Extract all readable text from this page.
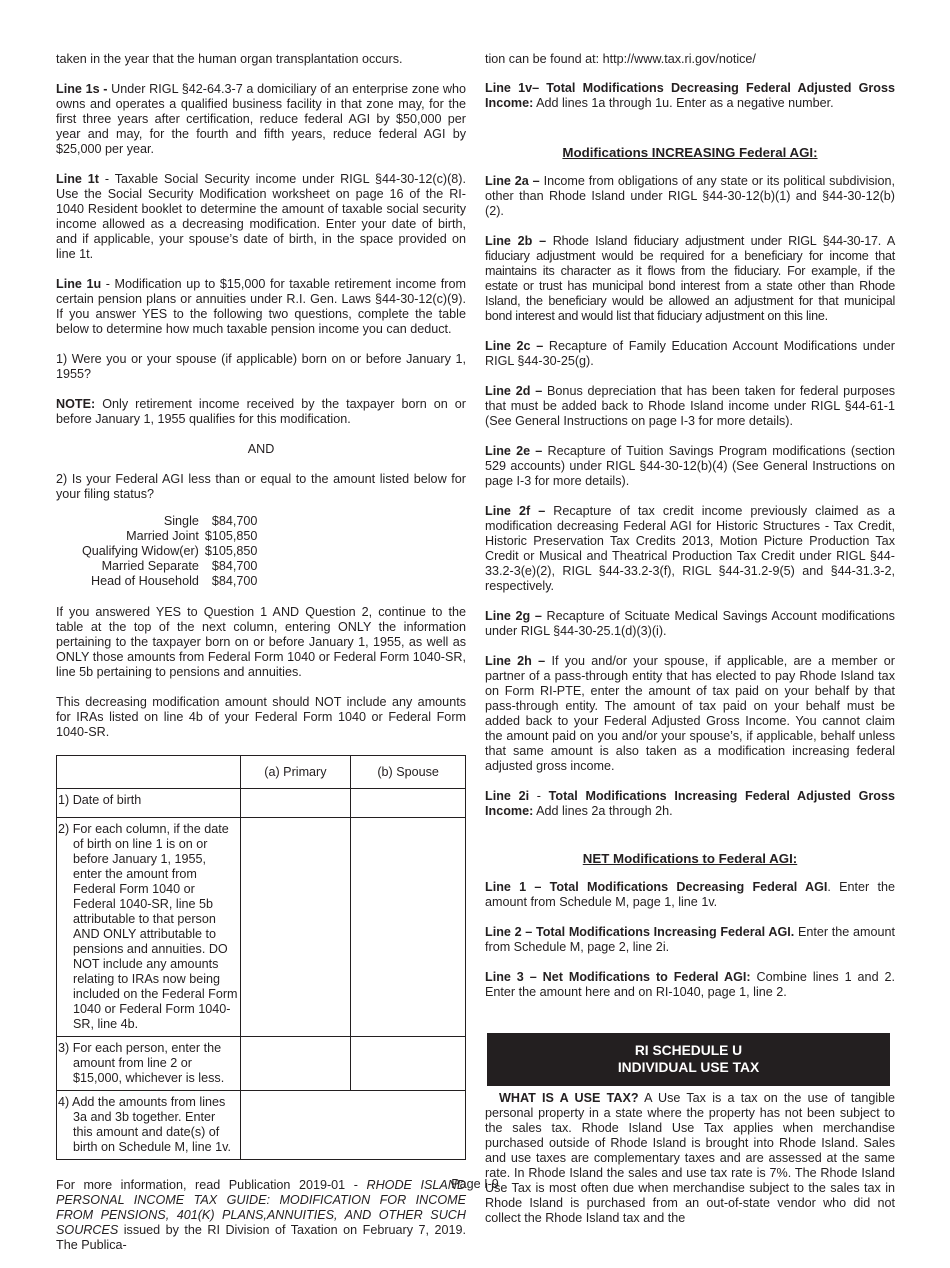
taken in the year that the human organ transplantation occurs.

Line 1s - Under RIGL §42-64.3-7 a domiciliary of an enterprise zone who owns and operates a qualified business facility in that zone may, for the first three years after certification, reduce federal AGI by $50,000 per year and may, for the fourth and fifth years, reduce federal AGI by $25,000 per year.

Line 1t - Taxable Social Security income under RIGL §44-30-12(c)(8). Use the Social Security Modification worksheet on page 16 of the RI-1040 Resident booklet to determine the amount of taxable social security income allowed as a decreasing modification. Enter your date of birth, and if applicable, your spouse’s date of birth, in the space provided on line 1t.

Line 1u - Modification up to $15,000 for taxable retirement income from certain pension plans or annuities under R.I. Gen. Laws §44-30-12(c)(9). If you answer YES to the following two questions, complete the table below to determine how much taxable pension income you can deduct.

1) Were you or your spouse (if applicable) born on or before January 1, 1955?

NOTE: Only retirement income received by the taxpayer born on or before January 1, 1955 qualifies for this modification.

AND

2) Is your Federal AGI less than or equal to the amount listed below for your filing status?

Single	$84,700
Married Joint	$105,850
Qualifying Widow(er)	$105,850
Married Separate	$84,700
Head of Household	$84,700

If you answered YES to Question 1 AND Question 2, continue to the table at the top of the next column, entering ONLY the information pertaining to the taxpayer born on or before January 1, 1955, as well as ONLY those amounts from Federal Form 1040 or Federal Form 1040-SR, line 5b pertaining to pensions and annuities.

This decreasing modification amount should NOT include any amounts for IRAs listed on line 4b of your Federal Form 1040 or Federal Form 1040-SR.

	(a) Primary	(b) Spouse

1) Date of birth		

2) For each column, if the date of birth on line 1 is on or before January 1, 1955, enter the amount from Federal Form 1040 or Federal 1040-SR, line 5b attributable to that person AND ONLY attributable to pensions and annuities. DO NOT include any amounts relating to IRAs now being included on the Federal Form 1040 or Federal Form 1040-SR, line 4b.		

3) For each person, enter the amount from line 2 or $15,000, whichever is less.		

4) Add the amounts from lines 3a and 3b together. Enter this amount and date(s) of birth on Schedule M, line 1v.		

For more information, read Publication 2019-01 - RHODE ISLAND PERSONAL INCOME TAX GUIDE: MODIFICATION FOR INCOME FROM PENSIONS, 401(K) PLANS,ANNUITIES, AND OTHER SUCH SOURCES issued by the RI Division of Taxation on February 7, 2019. The Publica-

tion can be found at: http://www.tax.ri.gov/notice/

Line 1v– Total Modifications Decreasing Federal Adjusted Gross Income: Add lines 1a through 1u. Enter as a negative number.

Modifications INCREASING Federal AGI:

Line 2a – Income from obligations of any state or its political subdivision, other than Rhode Island under RIGL §44-30-12(b)(1) and §44-30-12(b)(2).

Line 2b – Rhode Island fiduciary adjustment under RIGL §44-30-17. A fiduciary adjustment would be required for a beneficiary for income that maintains its character as it flows from the fiduciary. For example, if the estate or trust has municipal bond interest from a state other than Rhode Island, the beneficiary would be allowed an adjustment for that municipal bond interest and would list that fiduciary adjustment on this line.

Line 2c – Recapture of Family Education Account Modifications under RIGL §44-30-25(g).

Line 2d – Bonus depreciation that has been taken for federal purposes that must be added back to Rhode Island income under RIGL §44-61-1 (See General Instructions on page I-3 for more details).

Line 2e – Recapture of Tuition Savings Program modifications (section 529 accounts) under RIGL §44-30-12(b)(4) (See General Instructions on page I-3 for more details).

Line 2f – Recapture of tax credit income previously claimed as a modification decreasing Federal AGI for Historic Structures - Tax Credit, Historic Preservation Tax Credits 2013, Motion Picture Production Tax Credit or Musical and Theatrical Production Tax Credit under RIGL §44-33.2-3(e)(2), RIGL §44-33.2-3(f), RIGL §44-31.2-9(5) and §44-31.3-2, respectively.

Line 2g – Recapture of Scituate Medical Savings Account modifications under RIGL §44-30-25.1(d)(3)(i).

Line 2h – If you and/or your spouse, if applicable, are a member or partner of a pass-through entity that has elected to pay Rhode Island tax on Form RI-PTE, enter the amount of tax paid on your behalf by that pass-through entity. The amount of tax paid on your behalf must be added back to your Federal Adjusted Gross Income. You cannot claim the amount paid on you and/or your spouse’s, if applicable, behalf unless that same amount is also taken as a modification increasing federal adjusted gross income.

Line 2i - Total Modifications Increasing Federal Adjusted Gross Income: Add lines 2a through 2h.

NET Modifications to Federal AGI:

Line 1 – Total Modifications Decreasing Federal AGI. Enter the amount from Schedule M, page 1, line 1v.

Line 2 – Total Modifications Increasing Federal AGI. Enter the amount from Schedule M, page 2, line 2i.

Line 3 – Net Modifications to Federal AGI: Combine lines 1 and 2. Enter the amount here and on RI-1040, page 1, line 2.

RI SCHEDULE U
INDIVIDUAL USE TAX

WHAT IS A USE TAX? A Use Tax is a tax on the use of tangible personal property in a state where the property has not been subject to the sales tax. Rhode Island Use Tax applies when merchandise purchased outside of Rhode Island is brought into Rhode Island. Sales and use taxes are complementary taxes and are assessed at the same rate. In Rhode Island the sales and use tax rate is 7%. The Rhode Island Use Tax is most often due when merchandise subject to the sales tax in Rhode Island is purchased from an out-of-state vendor who did not collect the Rhode Island tax and the

Page I-9
